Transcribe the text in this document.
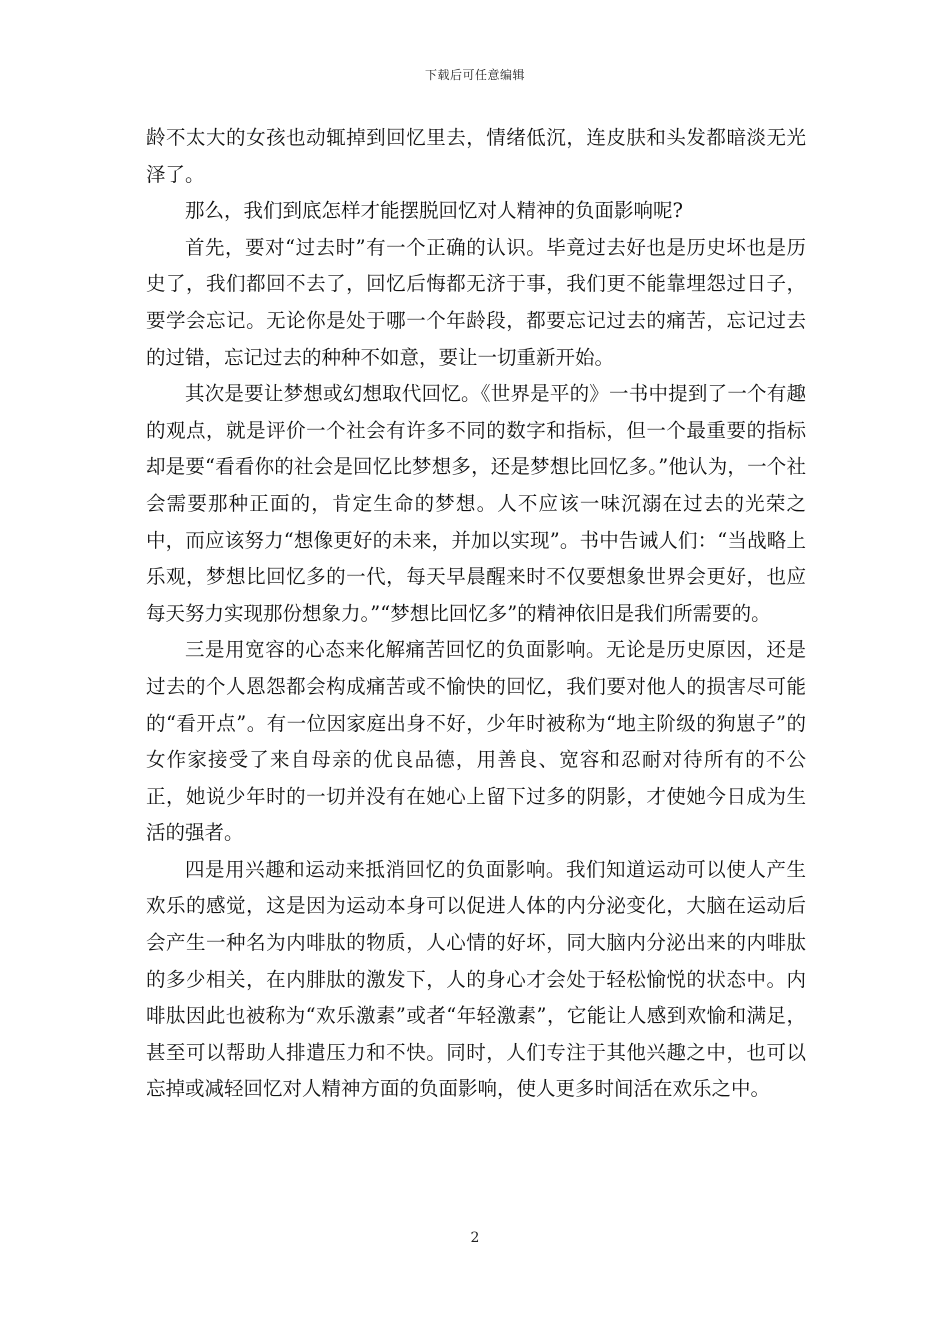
下载后可任意编辑

龄不太大的女孩也动辄掉到回忆里去，情绪低沉，连皮肤和头发都暗淡无光泽了。

那么，我们到底怎样才能摆脱回忆对人精神的负面影响呢?

首先，要对“过去时”有一个正确的认识。毕竟过去好也是历史坏也是历史了，我们都回不去了，回忆后悔都无济于事，我们更不能靠埋怨过日子，要学会忘记。无论你是处于哪一个年龄段，都要忘记过去的痛苦，忘记过去的过错，忘记过去的种种不如意，要让一切重新开始。

其次是要让梦想或幻想取代回忆。《世界是平的》一书中提到了一个有趣的观点，就是评价一个社会有许多不同的数字和指标，但一个最重要的指标却是要“看看你的社会是回忆比梦想多，还是梦想比回忆多。”他认为，一个社会需要那种正面的，肯定生命的梦想。人不应该一味沉溺在过去的光荣之中，而应该努力“想像更好的未来，并加以实现”。书中告诫人们：“当战略上乐观，梦想比回忆多的一代，每天早晨醒来时不仅要想象世界会更好，也应每天努力实现那份想象力。”“梦想比回忆多”的精神依旧是我们所需要的。

三是用宽容的心态来化解痛苦回忆的负面影响。无论是历史原因，还是过去的个人恩怨都会构成痛苦或不愉快的回忆，我们要对他人的损害尽可能的“看开点”。有一位因家庭出身不好，少年时被称为“地主阶级的狗崽子”的女作家接受了来自母亲的优良品德，用善良、宽容和忍耐对待所有的不公正，她说少年时的一切并没有在她心上留下过多的阴影，才使她今日成为生活的强者。

四是用兴趣和运动来抵消回忆的负面影响。我们知道运动可以使人产生欢乐的感觉，这是因为运动本身可以促进人体的内分泌变化，大脑在运动后会产生一种名为内啡肽的物质，人心情的好坏，同大脑内分泌出来的内啡肽的多少相关，在内腓肽的激发下，人的身心才会处于轻松愉悦的状态中。内啡肽因此也被称为“欢乐激素”或者“年轻激素”，它能让人感到欢愉和满足，甚至可以帮助人排遣压力和不快。同时，人们专注于其他兴趣之中，也可以忘掉或减轻回忆对人精神方面的负面影响，使人更多时间活在欢乐之中。

2
